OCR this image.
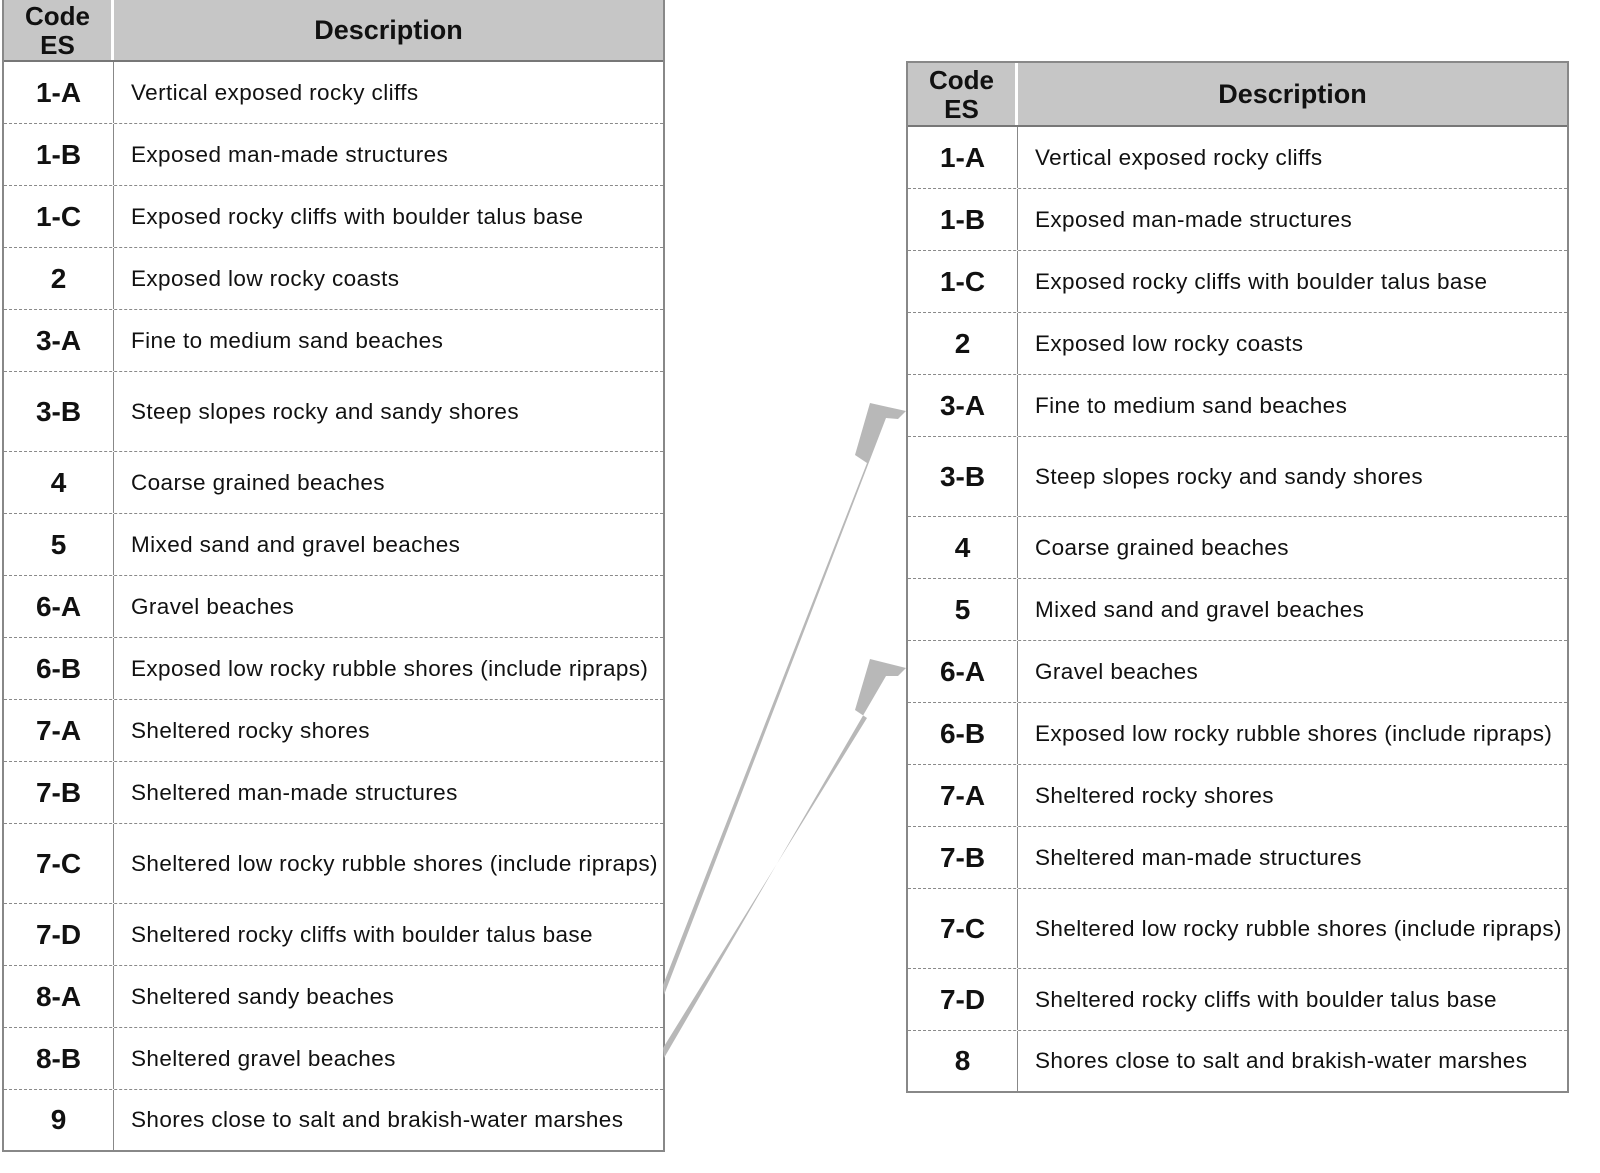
Code
ES	Description
1-A	Vertical exposed rocky cliffs
1-B	Exposed man-made structures
1-C	Exposed rocky cliffs with boulder talus base
2	Exposed low rocky coasts
3-A	Fine to medium sand beaches
3-B	Steep slopes rocky and sandy shores
4	Coarse grained beaches
5	Mixed sand and gravel beaches
6-A	Gravel beaches
6-B	Exposed low rocky rubble shores (include ripraps)
7-A	Sheltered rocky shores
7-B	Sheltered man-made structures
7-C	Sheltered low rocky rubble shores (include ripraps)
7-D	Sheltered rocky cliffs with boulder talus base
8-A	Sheltered sandy beaches
8-B	Sheltered gravel beaches
9	Shores close to salt and brakish-water marshes
Code
ES	Description
1-A	Vertical exposed rocky cliffs
1-B	Exposed man-made structures
1-C	Exposed rocky cliffs with boulder talus base
2	Exposed low rocky coasts
3-A	Fine to medium sand beaches
3-B	Steep slopes rocky and sandy shores
4	Coarse grained beaches
5	Mixed sand and gravel beaches
6-A	Gravel beaches
6-B	Exposed low rocky rubble shores (include ripraps)
7-A	Sheltered rocky shores
7-B	Sheltered man-made structures
7-C	Sheltered low rocky rubble shores (include ripraps)
7-D	Sheltered rocky cliffs with boulder talus base
8	Shores close to salt and brakish-water marshes
